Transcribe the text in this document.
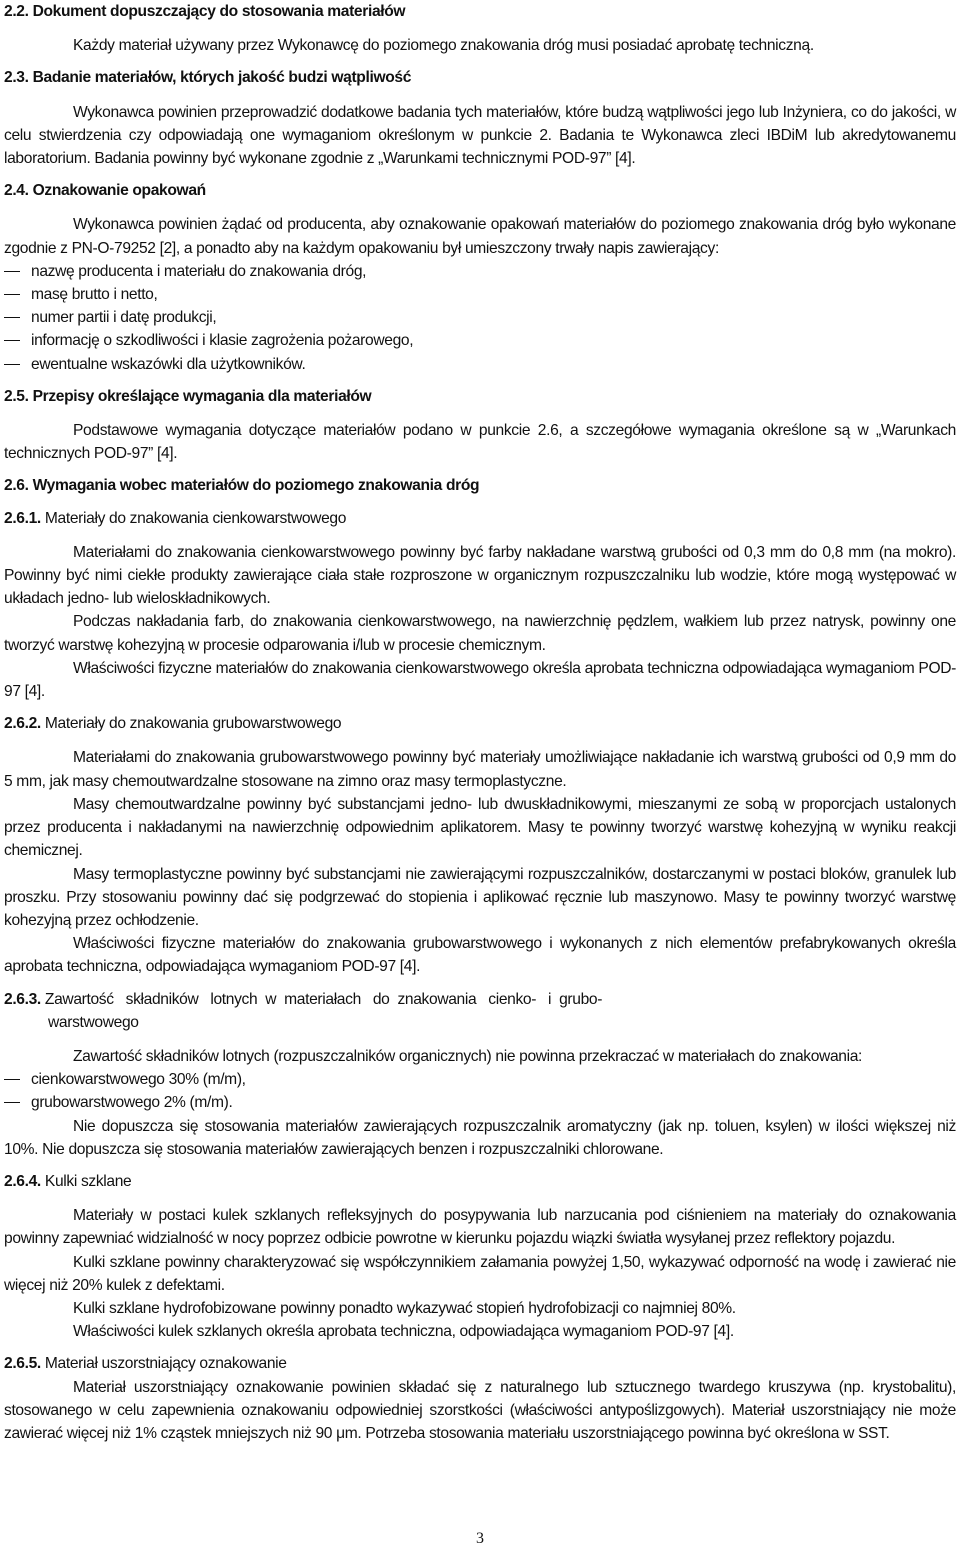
2.2. Dokument dopuszczający do stosowania materiałów

Każdy materiał używany przez Wykonawcę do poziomego znakowania dróg musi posiadać aprobatę techniczną.

2.3. Badanie materiałów, których jakość budzi wątpliwość

Wykonawca powinien przeprowadzić dodatkowe badania tych materiałów, które budzą wątpliwości jego lub Inżyniera, co do jakości, w celu stwierdzenia czy odpowiadają one wymaganiom określonym w punkcie 2. Badania te Wykonawca zleci IBDiM lub akredytowanemu laboratorium. Badania powinny być wykonane zgodnie z „Warunkami technicznymi POD-97” [4].

2.4. Oznakowanie opakowań

Wykonawca powinien żądać od producenta, aby oznakowanie opakowań materiałów do poziomego znakowania dróg było wykonane zgodnie z PN-O-79252 [2], a ponadto aby na każdym opakowaniu był umieszczony trwały napis zawierający:

nazwę producenta i materiału do znakowania dróg,
masę brutto i netto,
numer partii i datę produkcji,
informację o szkodliwości i klasie zagrożenia pożarowego,
ewentualne wskazówki dla użytkowników.
2.5. Przepisy określające wymagania dla materiałów

Podstawowe wymagania dotyczące materiałów podano w punkcie 2.6, a szczegółowe wymagania określone są w „Warunkach technicznych POD-97” [4].

2.6. Wymagania wobec materiałów do poziomego znakowania dróg
2.6.1. Materiały do znakowania cienkowarstwowego

Materiałami do znakowania cienkowarstwowego powinny być farby nakładane warstwą grubości od 0,3 mm do 0,8 mm (na mokro). Powinny być nimi ciekłe produkty zawierające ciała stałe rozproszone w organicznym rozpuszczalniku lub wodzie, które mogą występować w układach jedno- lub wieloskładnikowych.

Podczas nakładania farb, do znakowania cienkowarstwowego, na nawierzchnię pędzlem, wałkiem lub przez natrysk, powinny one tworzyć warstwę kohezyjną w procesie odparowania i/lub w procesie chemicznym.

Właściwości fizyczne materiałów do znakowania cienkowarstwowego określa aprobata techniczna odpowiadająca wymaganiom POD-97 [4].

2.6.2. Materiały do znakowania grubowarstwowego

Materiałami do znakowania grubowarstwowego powinny być materiały umożliwiające nakładanie ich warstwą grubości od 0,9 mm do 5 mm, jak masy chemoutwardzalne stosowane na zimno oraz masy termoplastyczne.

Masy chemoutwardzalne powinny być substancjami jedno- lub dwuskładnikowymi, mieszanymi ze sobą w proporcjach ustalonych przez producenta i nakładanymi na nawierzchnię odpowiednim aplikatorem. Masy te powinny tworzyć warstwę kohezyjną w wyniku reakcji chemicznej.

Masy termoplastyczne powinny być substancjami nie zawierającymi rozpuszczalników, dostarczanymi w postaci bloków, granulek lub proszku. Przy stosowaniu powinny dać się podgrzewać do stopienia i aplikować ręcznie lub maszynowo. Masy te powinny tworzyć warstwę kohezyjną przez ochłodzenie.

Właściwości fizyczne materiałów do znakowania grubowarstwowego i wykonanych z nich elementów prefabrykowanych określa aprobata techniczna, odpowiadająca wymaganiom POD-97 [4].

2.6.3. Zawartość   składników   lotnych  w  materiałach   do  znakowania   cienko-   i  grubo-
warstwowego

Zawartość składników lotnych (rozpuszczalników organicznych) nie powinna przekraczać w materiałach do znakowania:

cienkowarstwowego 30% (m/m),
grubowarstwowego 2% (m/m).

Nie dopuszcza się stosowania materiałów zawierających rozpuszczalnik aromatyczny (jak np. toluen, ksylen) w ilości większej niż 10%. Nie dopuszcza się stosowania materiałów zawierających benzen i rozpuszczalniki chlorowane.

2.6.4. Kulki szklane

Materiały w postaci kulek szklanych refleksyjnych do posypywania lub narzucania pod ciśnieniem na materiały do oznakowania powinny zapewniać widzialność w nocy poprzez odbicie powrotne w kierunku pojazdu wiązki światła wysyłanej przez reflektory pojazdu.

Kulki szklane powinny charakteryzować się współczynnikiem załamania powyżej 1,50, wykazywać odporność na wodę i zawierać nie więcej niż 20% kulek z defektami.

Kulki szklane hydrofobizowane powinny ponadto wykazywać stopień hydrofobizacji co najmniej 80%.

Właściwości kulek szklanych określa aprobata techniczna, odpowiadająca wymaganiom POD-97 [4].

2.6.5. Materiał uszorstniający oznakowanie

Materiał uszorstniający oznakowanie powinien składać się z naturalnego lub sztucznego twardego kruszywa (np. krystobalitu), stosowanego w celu zapewnienia oznakowaniu odpowiedniej szorstkości (właściwości antypoślizgowych). Materiał uszorstniający nie może zawierać więcej niż 1% cząstek mniejszych niż 90 μm. Potrzeba stosowania materiału uszorstniającego powinna być określona w SST.

3
